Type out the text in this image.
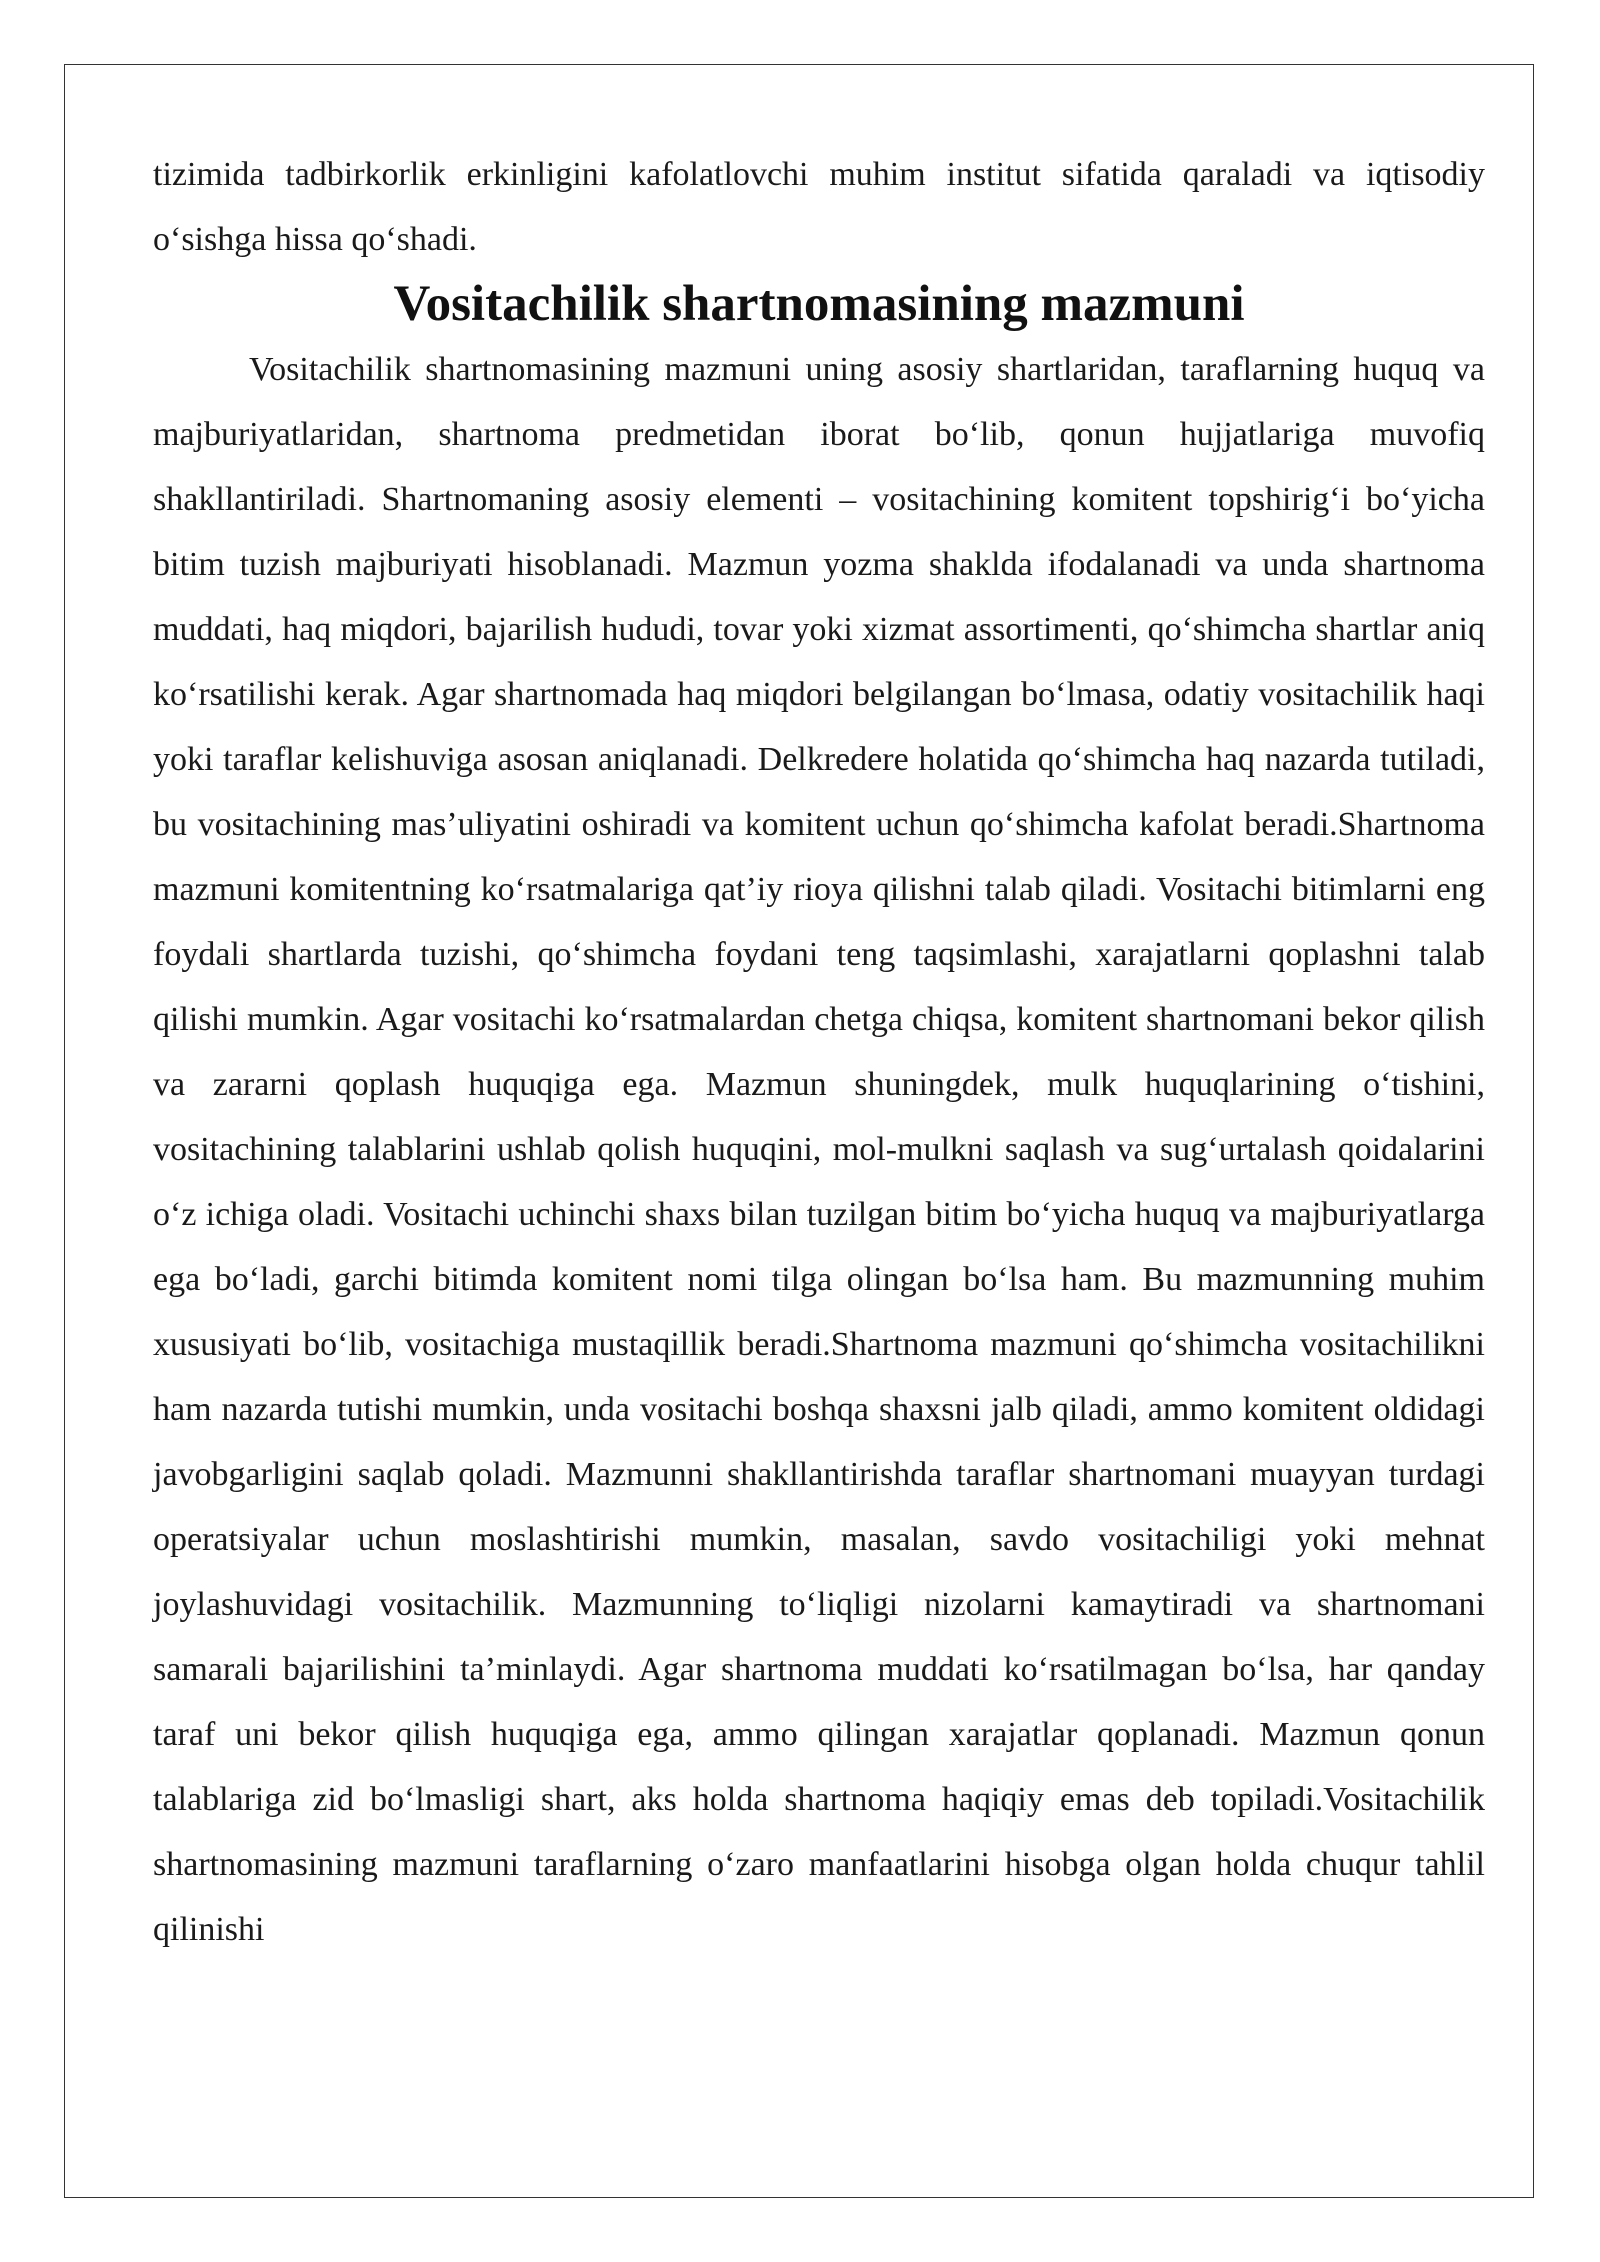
tizimida tadbirkorlik erkinligini kafolatlovchi muhim institut sifatida qaraladi va iqtisodiy o‘sishga hissa qo‘shadi.

Vositachilik shartnomasining mazmuni

Vositachilik shartnomasining mazmuni uning asosiy shartlaridan, taraflarning huquq va majburiyatlaridan, shartnoma predmetidan iborat bo‘lib, qonun hujjatlariga muvofiq shakllantiriladi. Shartnomaning asosiy elementi – vositachining komitent topshirig‘i bo‘yicha bitim tuzish majburiyati hisoblanadi. Mazmun yozma shaklda ifodalanadi va unda shartnoma muddati, haq miqdori, bajarilish hududi, tovar yoki xizmat assortimenti, qo‘shimcha shartlar aniq ko‘rsatilishi kerak. Agar shartnomada haq miqdori belgilangan bo‘lmasa, odatiy vositachilik haqi yoki taraflar kelishuviga asosan aniqlanadi. Delkredere holatida qo‘shimcha haq nazarda tutiladi, bu vositachining mas’uliyatini oshiradi va komitent uchun qo‘shimcha kafolat beradi.Shartnoma mazmuni komitentning ko‘rsatmalariga qat’iy rioya qilishni talab qiladi. Vositachi bitimlarni eng foydali shartlarda tuzishi, qo‘shimcha foydani teng taqsimlashi, xarajatlarni qoplashni talab qilishi mumkin. Agar vositachi ko‘rsatmalardan chetga chiqsa, komitent shartnomani bekor qilish va zararni qoplash huquqiga ega. Mazmun shuningdek, mulk huquqlarining o‘tishini, vositachining talablarini ushlab qolish huquqini, mol-mulkni saqlash va sug‘urtalash qoidalarini o‘z ichiga oladi. Vositachi uchinchi shaxs bilan tuzilgan bitim bo‘yicha huquq va majburiyatlarga ega bo‘ladi, garchi bitimda komitent nomi tilga olingan bo‘lsa ham. Bu mazmunning muhim xususiyati bo‘lib, vositachiga mustaqillik beradi.Shartnoma mazmuni qo‘shimcha vositachilikni ham nazarda tutishi mumkin, unda vositachi boshqa shaxsni jalb qiladi, ammo komitent oldidagi javobgarligini saqlab qoladi. Mazmunni shakllantirishda taraflar shartnomani muayyan turdagi operatsiyalar uchun moslashtirishi mumkin, masalan, savdo vositachiligi yoki mehnat joylashuvidagi vositachilik. Mazmunning to‘liqligi nizolarni kamaytiradi va shartnomani samarali bajarilishini ta’minlaydi. Agar shartnoma muddati ko‘rsatilmagan bo‘lsa, har qanday taraf uni bekor qilish huquqiga ega, ammo qilingan xarajatlar qoplanadi. Mazmun qonun talablariga zid bo‘lmasligi shart, aks holda shartnoma haqiqiy emas deb topiladi.Vositachilik shartnomasining mazmuni taraflarning o‘zaro manfaatlarini hisobga olgan holda chuqur tahlil qilinishi
